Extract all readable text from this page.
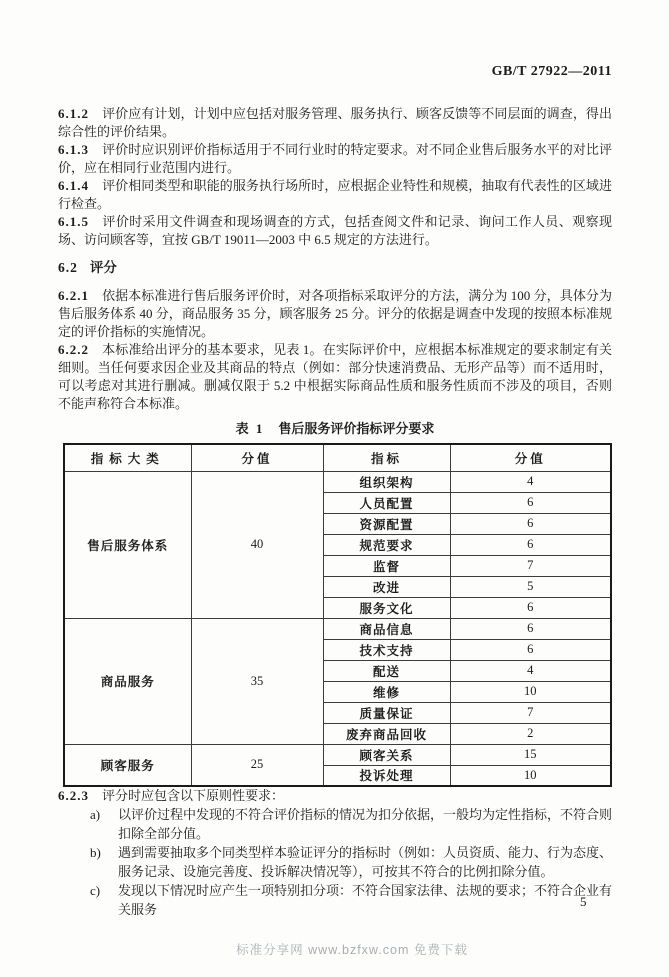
GB/T 27922—2011

6.1.2 评价应有计划，计划中应包括对服务管理、服务执行、顾客反馈等不同层面的调查，得出综合性的评价结果。

6.1.3 评价时应识别评价指标适用于不同行业时的特定要求。对不同企业售后服务水平的对比评价，应在相同行业范围内进行。

6.1.4 评价相同类型和职能的服务执行场所时，应根据企业特性和规模，抽取有代表性的区域进行检查。

6.1.5 评价时采用文件调查和现场调查的方式，包括查阅文件和记录、询问工作人员、观察现场、访问顾客等，宜按 GB/T 19011—2003 中 6.5 规定的方法进行。

6.2 评分

6.2.1 依据本标准进行售后服务评价时，对各项指标采取评分的方法，满分为 100 分，具体分为售后服务体系 40 分，商品服务 35 分，顾客服务 25 分。评分的依据是调查中发现的按照本标准规定的评价指标的实施情况。

6.2.2 本标准给出评分的基本要求，见表 1。在实际评价中，应根据本标准规定的要求制定有关细则。当任何要求因企业及其商品的特点（例如：部分快速消费品、无形产品等）而不适用时，可以考虑对其进行删减。删减仅限于 5.2 中根据实际商品性质和服务性质而不涉及的项目，否则不能声称符合本标准。

表 1 售后服务评价指标评分要求
指标大类	分值	指标	分值
售后服务体系	40	组织架构	4
		人员配置	6
		资源配置	6
		规范要求	6
		监督	7
		改进	5
		服务文化	6
商品服务	35	商品信息	6
		技术支持	6
		配送	4
		维修	10
		质量保证	7
		废弃商品回收	2
顾客服务	25	顾客关系	15
		投诉处理	10

6.2.3 评分时应包含以下原则性要求：

a)	以评价过程中发现的不符合评价指标的情况为扣分依据，一般均为定性指标，不符合则扣除全部分值。
b)	遇到需要抽取多个同类型样本验证评分的指标时（例如：人员资质、能力、行为态度、服务记录、设施完善度、投诉解决情况等），可按其不符合的比例扣除分值。
c)	发现以下情况时应产生一项特别扣分项：不符合国家法律、法规的要求；不符合企业有关服务
5
标准分享网 www.bzfxw.com 免费下载
